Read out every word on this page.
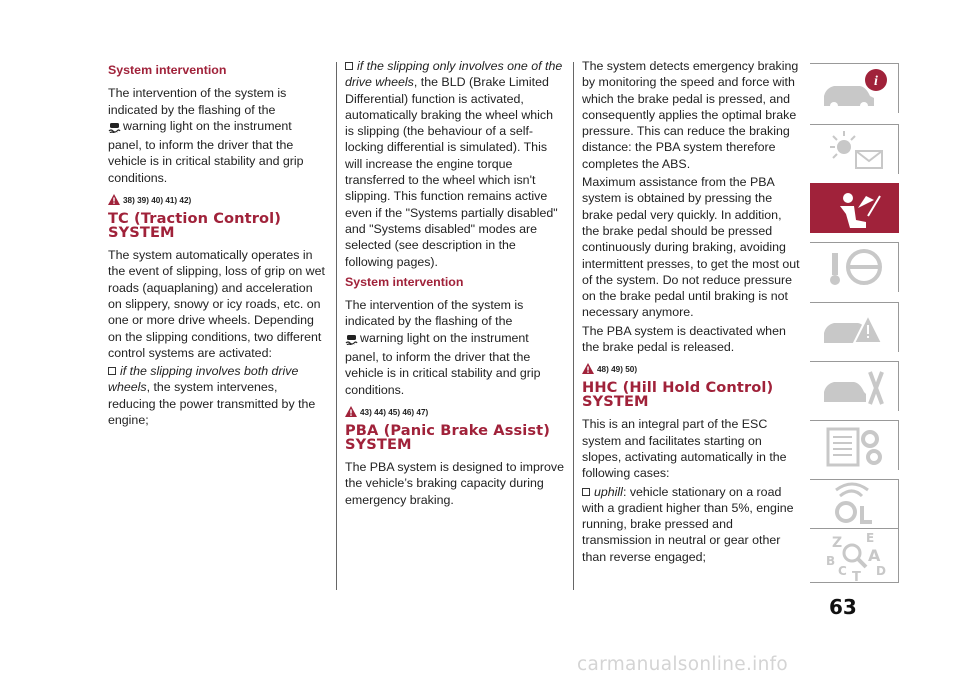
System intervention

The intervention of the system is indicated by the flashing of the
warning light on the instrument panel, to inform the driver that the vehicle is in critical stability and grip conditions.

38) 39) 40) 41) 42)

TC (Traction Control) SYSTEM

The system automatically operates in the event of slipping, loss of grip on wet roads (aquaplaning) and acceleration on slippery, snowy or icy roads, etc. on one or more drive wheels. Depending on the slipping conditions, two different control systems are activated:

if the slipping involves both drive wheels, the system intervenes, reducing the power transmitted by the engine;

if the slipping only involves one of the drive wheels, the BLD (Brake Limited Differential) function is activated, automatically braking the wheel which is slipping (the behaviour of a self-locking differential is simulated). This will increase the engine torque transferred to the wheel which isn't slipping. This function remains active even if the "Systems partially disabled" and "Systems disabled" modes are selected (see description in the following pages).

System intervention

The intervention of the system is indicated by the flashing of the
warning light on the instrument panel, to inform the driver that the vehicle is in critical stability and grip conditions.

43) 44) 45) 46) 47)

PBA (Panic Brake Assist) SYSTEM

The PBA system is designed to improve the vehicle’s braking capacity during emergency braking.

The system detects emergency braking by monitoring the speed and force with which the brake pedal is pressed, and consequently applies the optimal brake pressure. This can reduce the braking distance: the PBA system therefore completes the ABS.

Maximum assistance from the PBA system is obtained by pressing the brake pedal very quickly. In addition, the brake pedal should be pressed continuously during braking, avoiding intermittent presses, to get the most out of the system. Do not reduce pressure on the brake pedal until braking is not necessary anymore.

The PBA system is deactivated when the brake pedal is released.

48) 49) 50)

HHC (Hill Hold Control) SYSTEM

This is an integral part of the ESC system and facilitates starting on slopes, activating automatically in the following cases:

uphill: vehicle stationary on a road with a gradient higher than 5%, engine running, brake pressed and transmission in neutral or gear other than reverse engaged;

i
Z E
B A
C D
T
63
carmanualsonline.info
